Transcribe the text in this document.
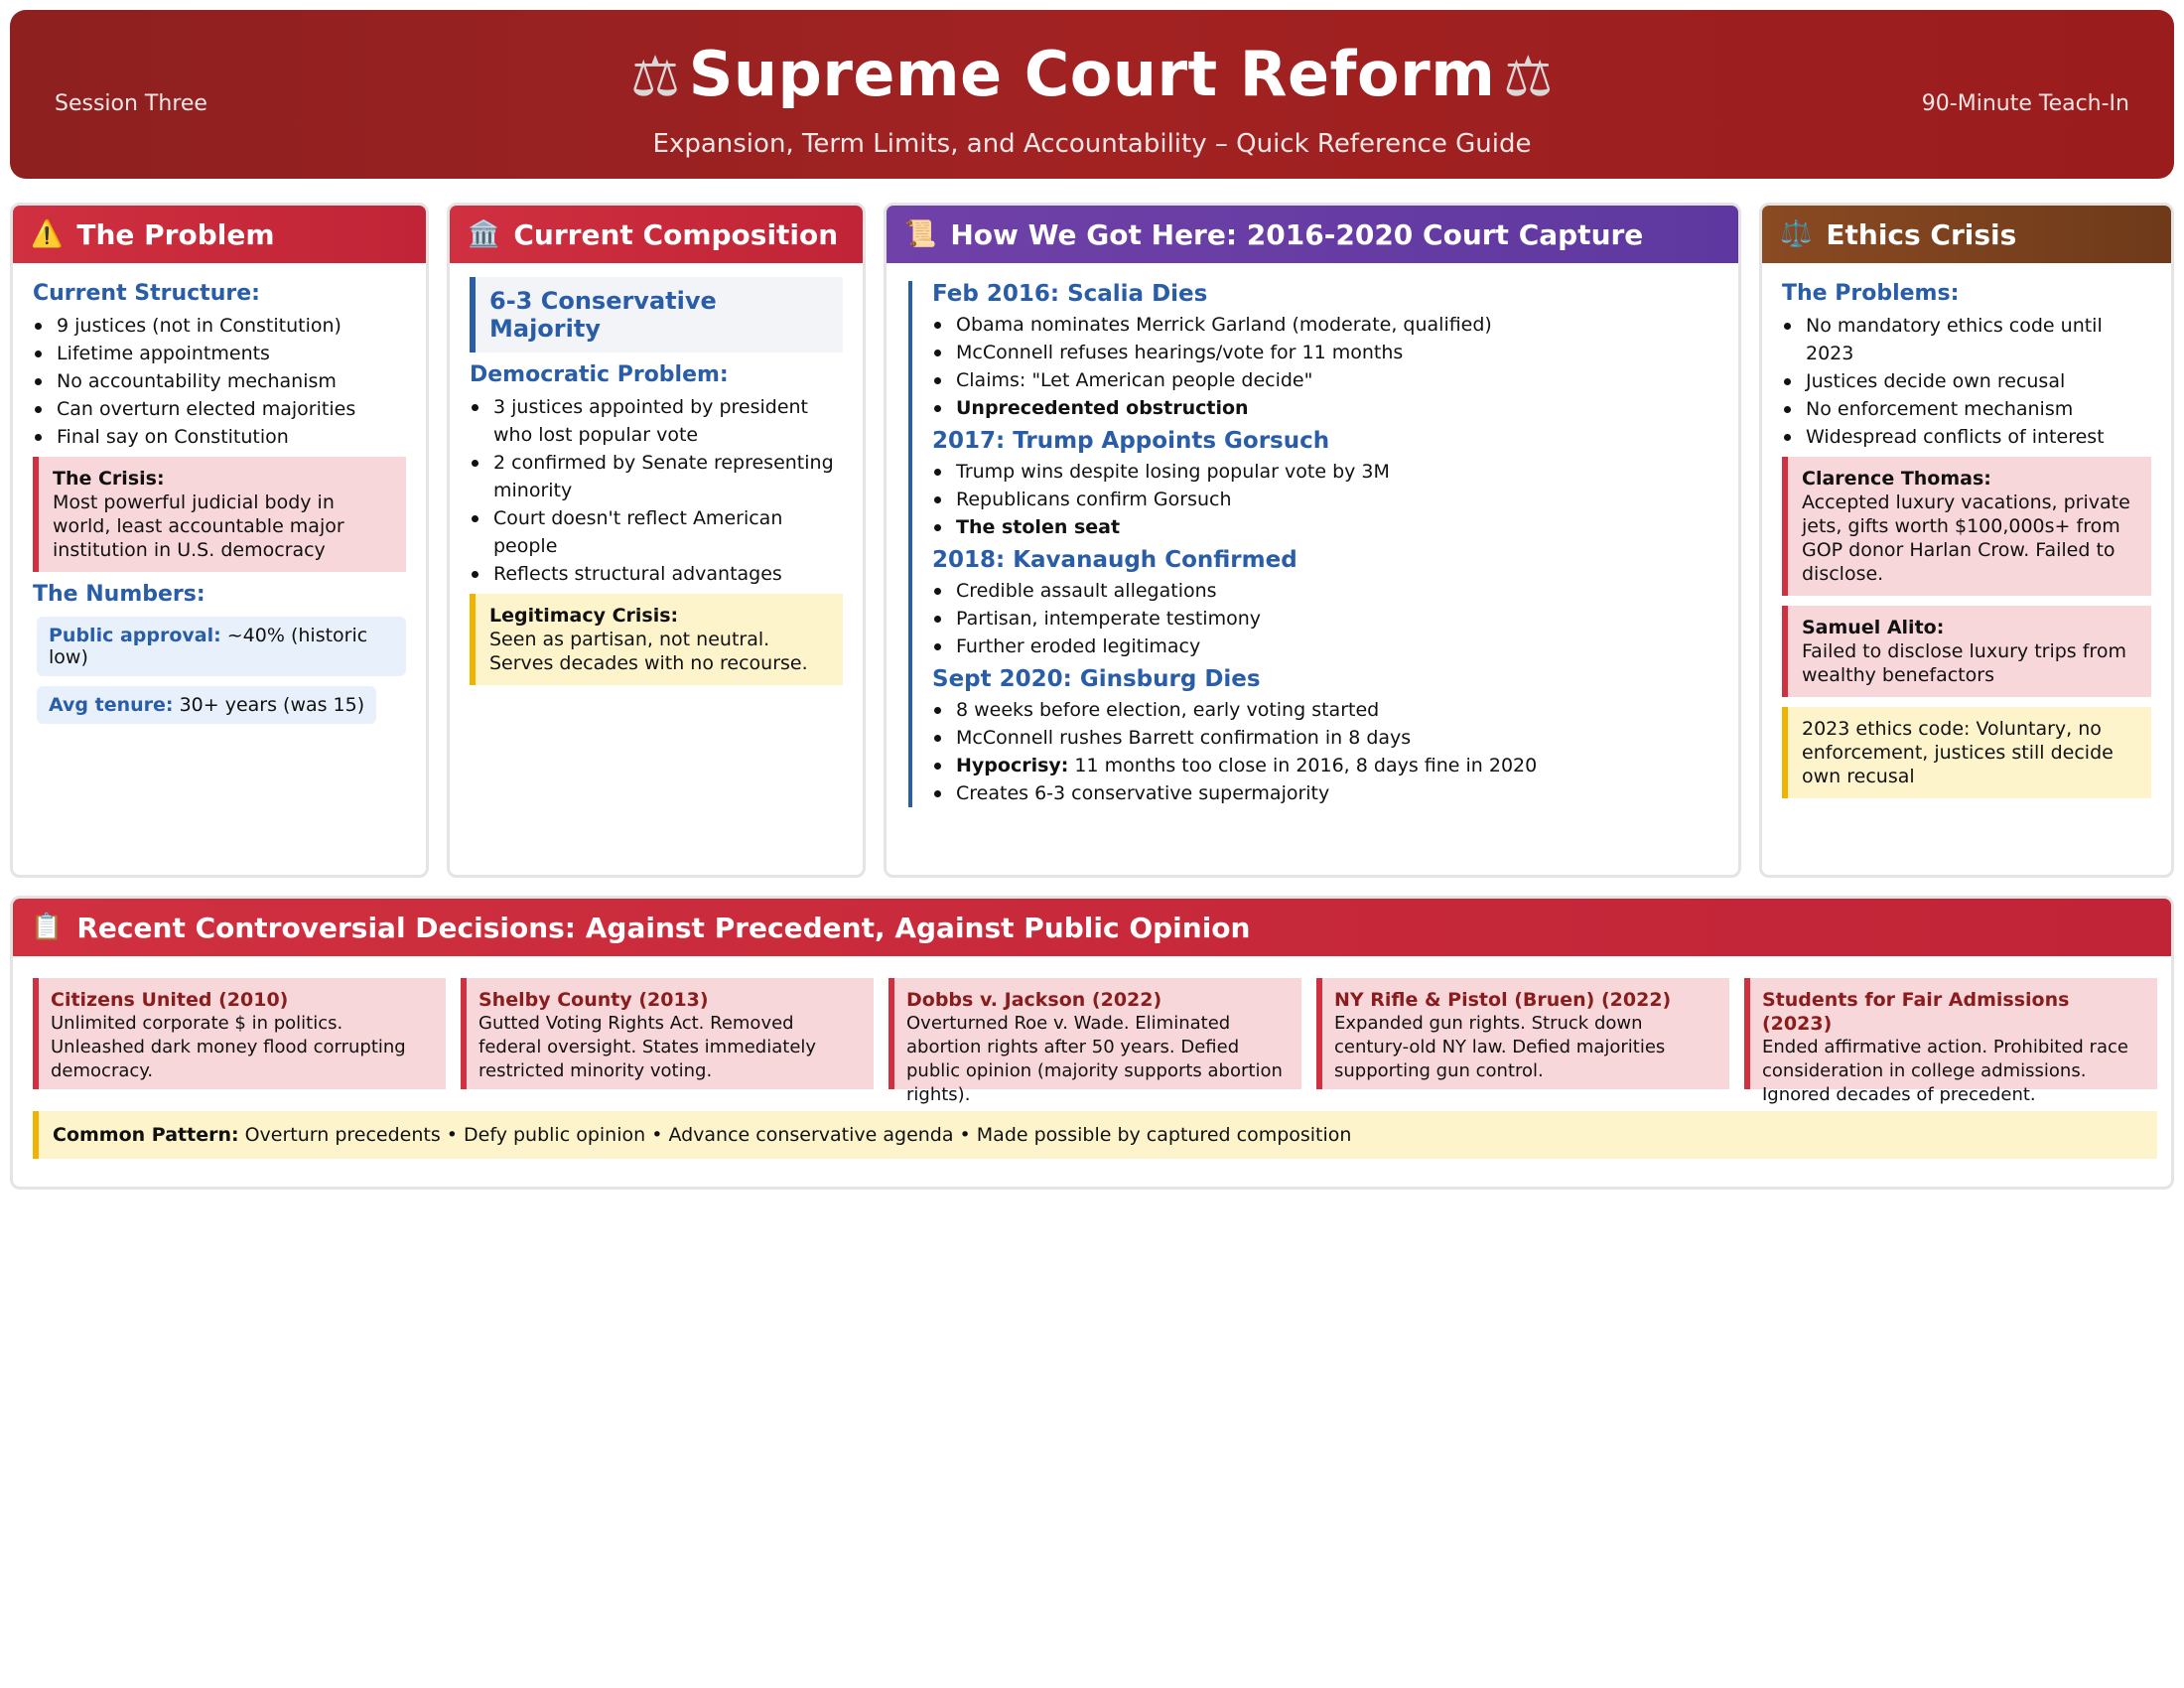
Session Three	⚖ Supreme Court Reform ⚖
Expansion, Term Limits, and Accountability – Quick Reference Guide
90-Minute Teach-In
⚠️ The Problem
Current Structure:
9 justices (not in Constitution)
Lifetime appointments
No accountability mechanism
Can overturn elected majorities
Final say on Constitution
The Crisis:
Most powerful judicial body in world, least accountable major institution in U.S. democracy
The Numbers:
Public approval: ~40% (historic low)
Avg tenure: 30+ years (was 15)
🏛️ Current Composition
6-3 Conservative Majority
Democratic Problem:
3 justices appointed by president who lost popular vote
2 confirmed by Senate representing minority
Court doesn't reflect American people
Reflects structural advantages
Legitimacy Crisis:
Seen as partisan, not neutral. Serves decades with no recourse.
📜 How We Got Here: 2016-2020 Court Capture
Feb 2016: Scalia Dies
Obama nominates Merrick Garland (moderate, qualified)
McConnell refuses hearings/vote for 11 months
Claims: "Let American people decide"
Unprecedented obstruction
2017: Trump Appoints Gorsuch
Trump wins despite losing popular vote by 3M
Republicans confirm Gorsuch
The stolen seat
2018: Kavanaugh Confirmed
Credible assault allegations
Partisan, intemperate testimony
Further eroded legitimacy
Sept 2020: Ginsburg Dies
8 weeks before election, early voting started
McConnell rushes Barrett confirmation in 8 days
Hypocrisy: 11 months too close in 2016, 8 days fine in 2020
Creates 6-3 conservative supermajority
⚖️ Ethics Crisis
The Problems:
No mandatory ethics code until 2023
Justices decide own recusal
No enforcement mechanism
Widespread conflicts of interest
Clarence Thomas:
Accepted luxury vacations, private jets, gifts worth $100,000s+ from GOP donor Harlan Crow. Failed to disclose.
Samuel Alito:
Failed to disclose luxury trips from wealthy benefactors
2023 ethics code: Voluntary, no enforcement, justices still decide own recusal
📋 Recent Controversial Decisions: Against Precedent, Against Public Opinion
Citizens United (2010)
Unlimited corporate $ in politics. Unleashed dark money flood corrupting democracy.
Shelby County (2013)
Gutted Voting Rights Act. Removed federal oversight. States immediately restricted minority voting.
Dobbs v. Jackson (2022)
Overturned Roe v. Wade. Eliminated abortion rights after 50 years. Defied public opinion (majority supports abortion rights).
NY Rifle & Pistol (Bruen) (2022)
Expanded gun rights. Struck down century-old NY law. Defied majorities supporting gun control.
Students for Fair Admissions (2023)
Ended affirmative action. Prohibited race consideration in college admissions. Ignored decades of precedent.
Common Pattern: Overturn precedents • Defy public opinion • Advance conservative agenda • Made possible by captured composition
